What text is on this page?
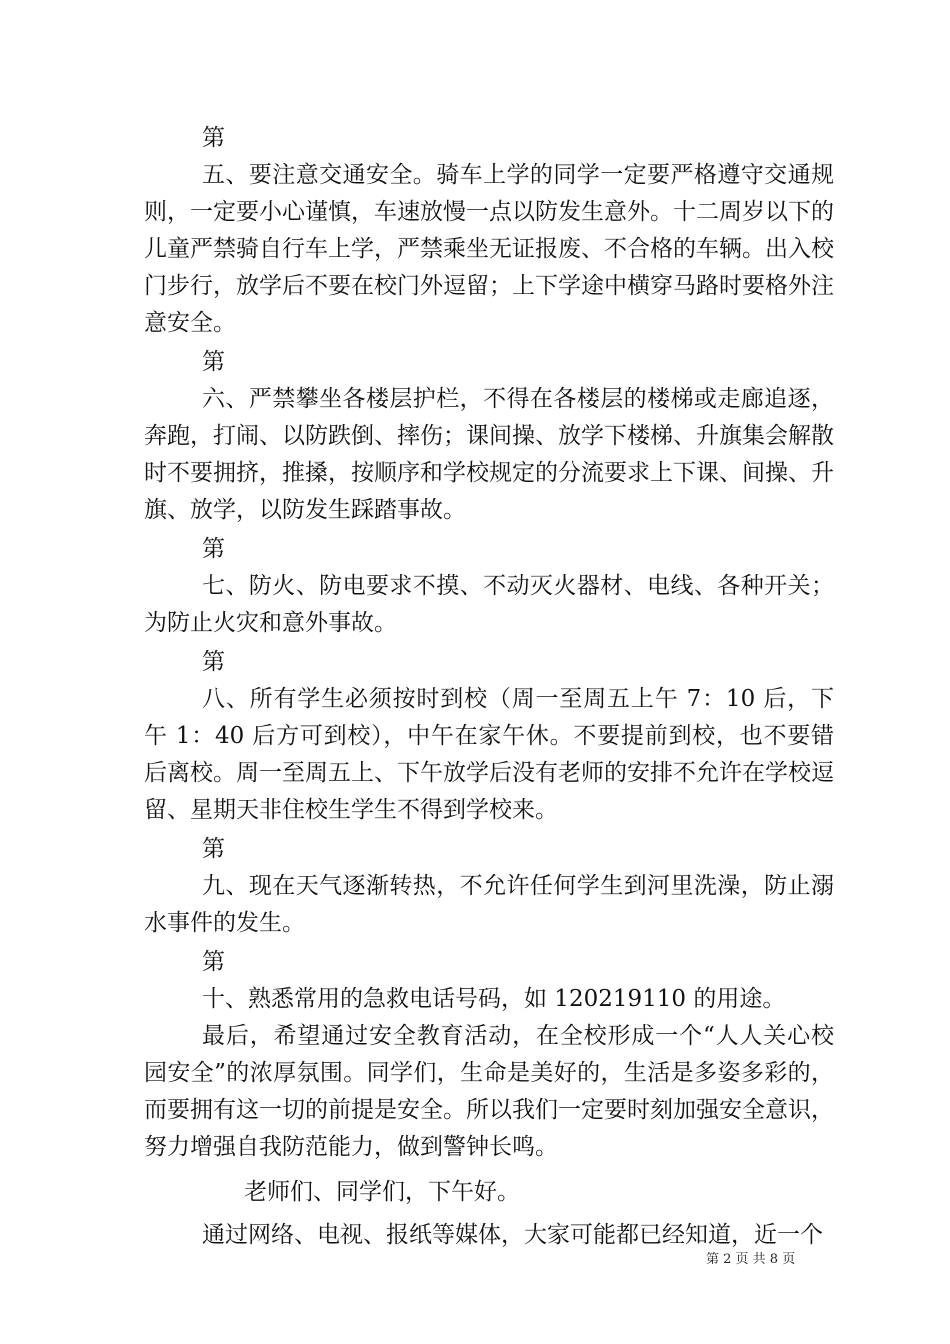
第

五、要注意交通安全。骑车上学的同学一定要严格遵守交通规则，一定要小心谨慎，车速放慢一点以防发生意外。十二周岁以下的儿童严禁骑自行车上学，严禁乘坐无证报废、不合格的车辆。出入校门步行，放学后不要在校门外逗留；上下学途中横穿马路时要格外注意安全。

第

六、严禁攀坐各楼层护栏，不得在各楼层的楼梯或走廊追逐，奔跑，打闹、以防跌倒、摔伤；课间操、放学下楼梯、升旗集会解散时不要拥挤，推搡，按顺序和学校规定的分流要求上下课、间操、升旗、放学，以防发生踩踏事故。

第

七、防火、防电要求不摸、不动灭火器材、电线、各种开关；为防止火灾和意外事故。

第

八、所有学生必须按时到校（周一至周五上午 7：10 后，下午 1：40 后方可到校），中午在家午休。不要提前到校，也不要错后离校。周一至周五上、下午放学后没有老师的安排不允许在学校逗留、星期天非住校生学生不得到学校来。

第

九、现在天气逐渐转热，不允许任何学生到河里洗澡，防止溺水事件的发生。

第

十、熟悉常用的急救电话号码，如 120219110 的用途。

最后，希望通过安全教育活动，在全校形成一个“人人关心校园安全”的浓厚氛围。同学们，生命是美好的，生活是多姿多彩的，而要拥有这一切的前提是安全。所以我们一定要时刻加强安全意识，努力增强自我防范能力，做到警钟长鸣。

老师们、同学们，下午好。

通过网络、电视、报纸等媒体，大家可能都已经知道，近一个

第 2 页 共 8 页
